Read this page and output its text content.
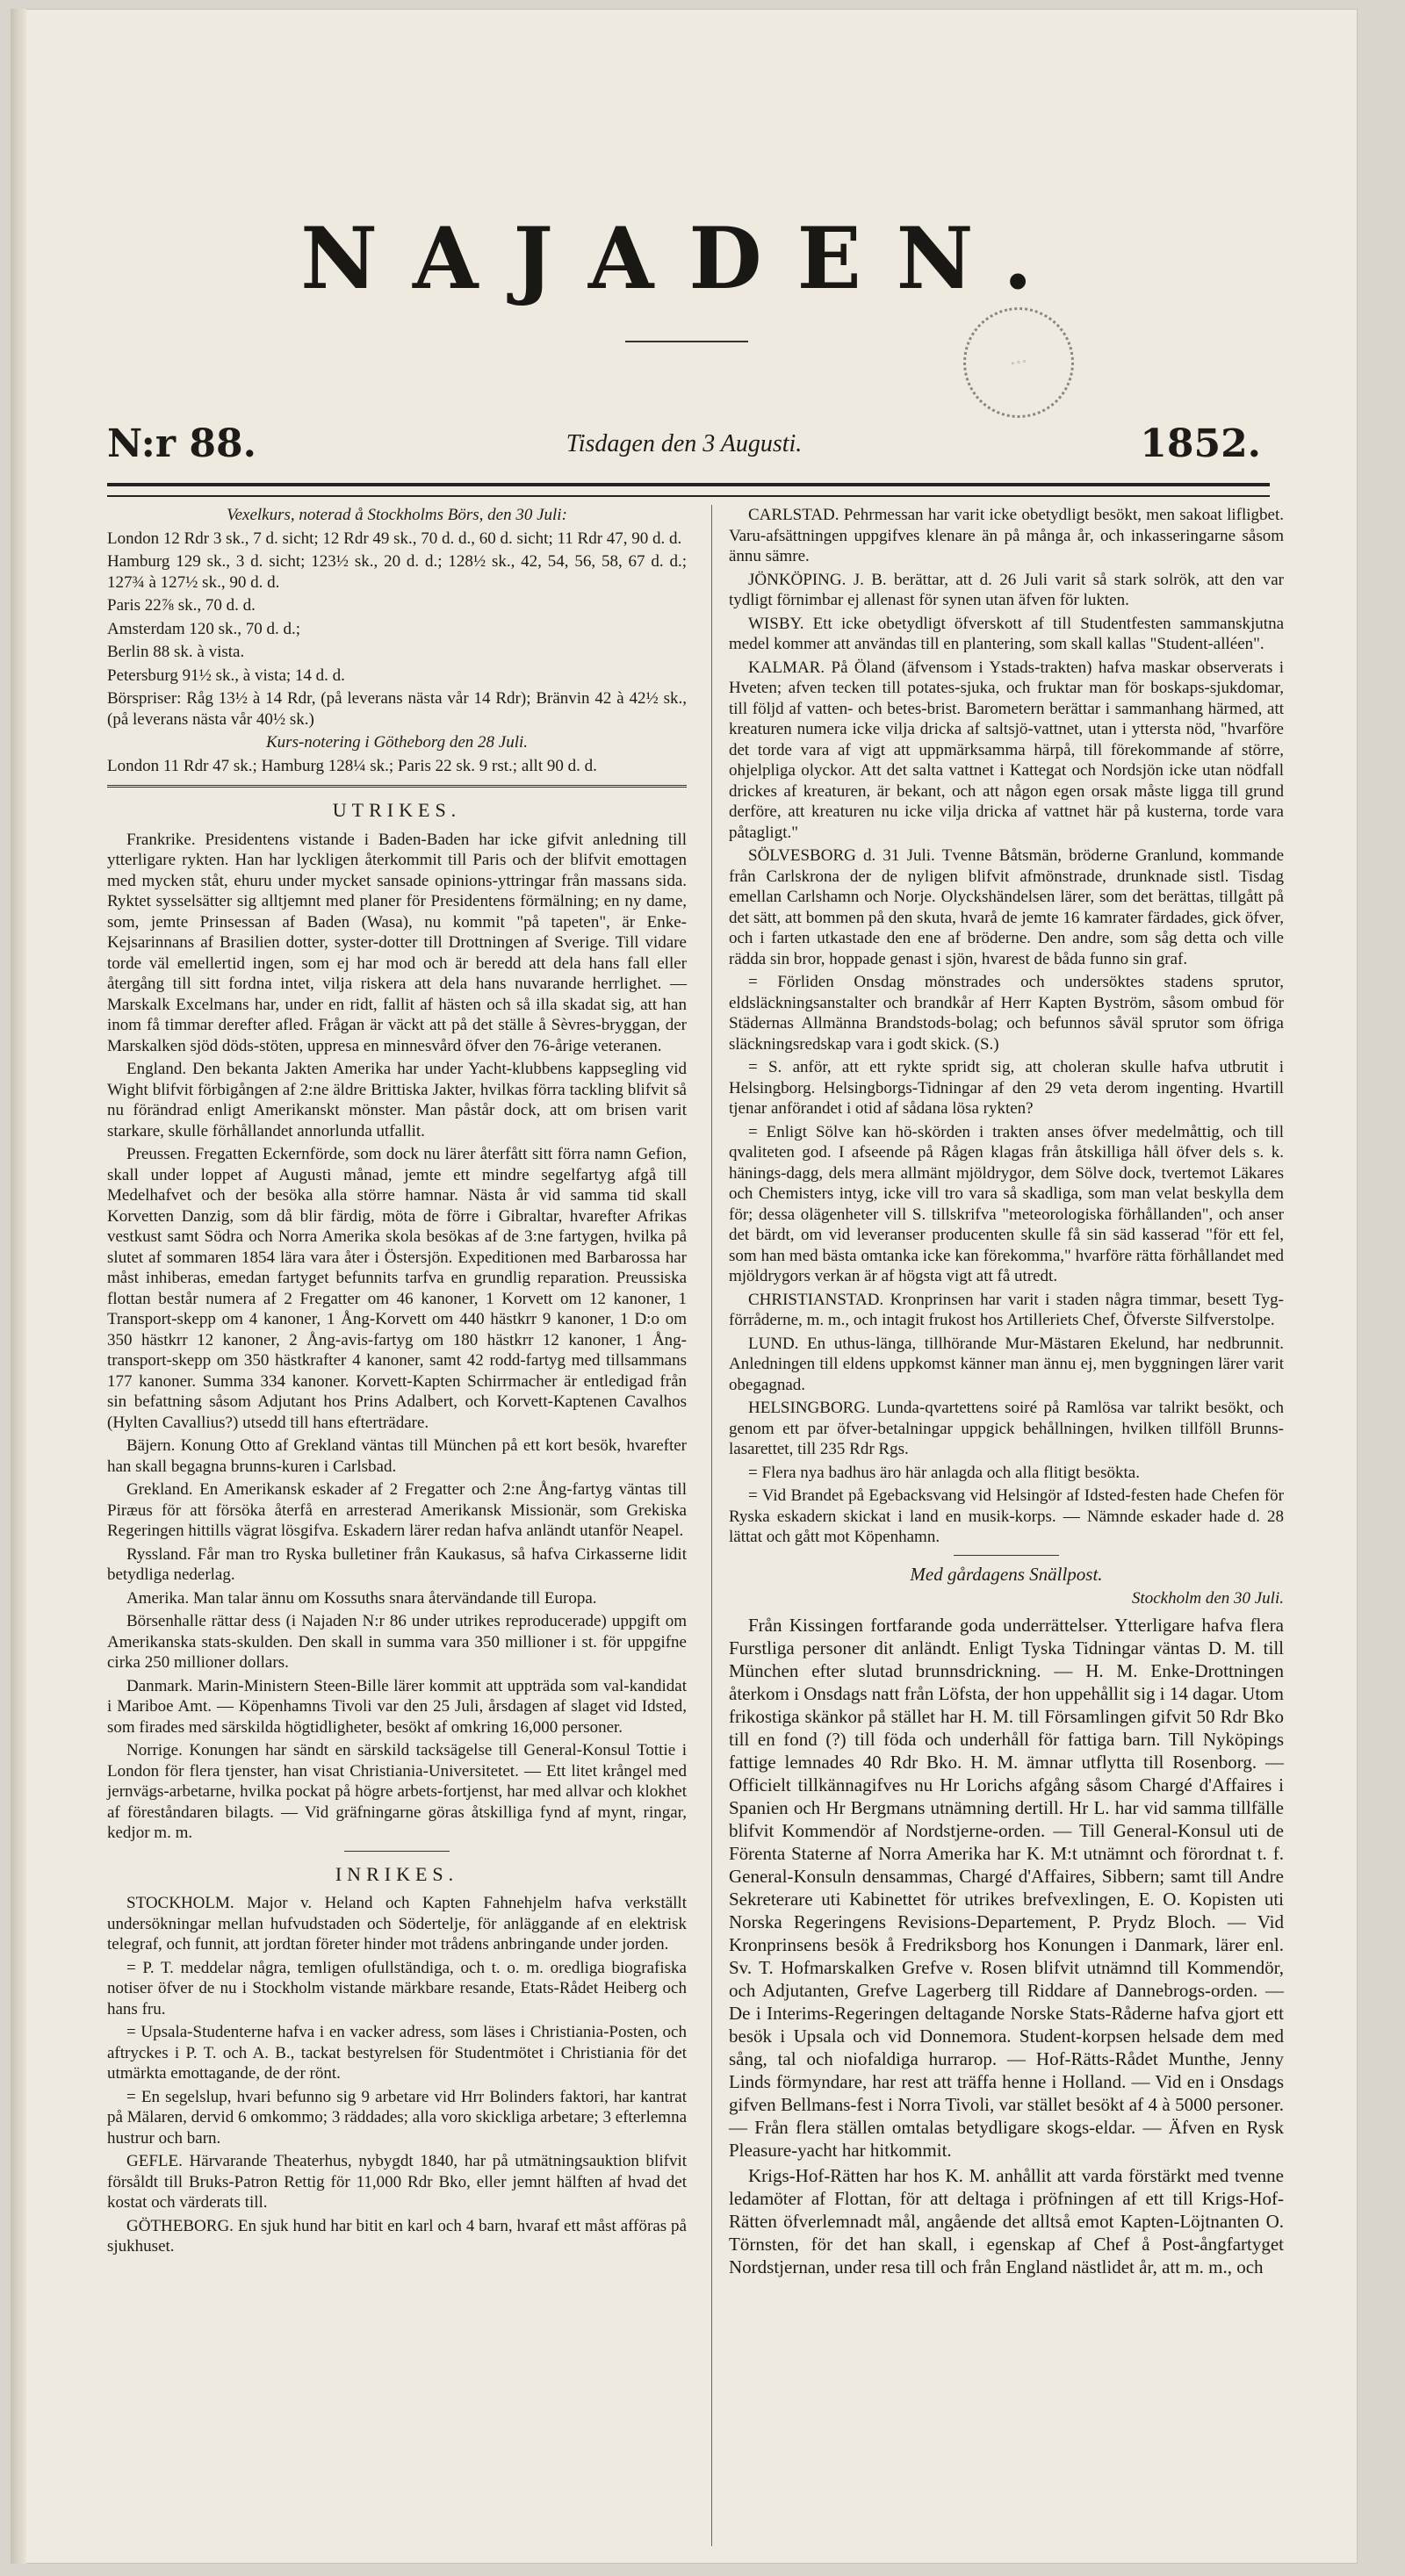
NAJADEN.
◦ ◦ ◦
N:r 88.	Tisdagen den 3 Augusti.	1852.

Vexelkurs, noterad å Stockholms Börs, den 30 Juli:

London 12 Rdr 3 sk., 7 d. sicht; 12 Rdr 49 sk., 70 d. d., 60 d. sicht; 11 Rdr 47, 90 d. d.

Hamburg 129 sk., 3 d. sicht; 123½ sk., 20 d. d.; 128½ sk., 42, 54, 56, 58, 67 d. d.; 127¾ à 127½ sk., 90 d. d.

Paris 22⅞ sk., 70 d. d.

Amsterdam 120 sk., 70 d. d.;

Berlin 88 sk. à vista.

Petersburg 91½ sk., à vista; 14 d. d.

Börspriser: Råg 13½ à 14 Rdr, (på leverans nästa vår 14 Rdr); Bränvin 42 à 42½ sk., (på leverans nästa vår 40½ sk.)

Kurs-notering i Götheborg den 28 Juli.

London 11 Rdr 47 sk.; Hamburg 128¼ sk.; Paris 22 sk. 9 rst.; allt 90 d. d.

UTRIKES.

Frankrike. Presidentens vistande i Baden-Baden har icke gifvit anledning till ytterligare rykten. Han har lyckligen återkommit till Paris och der blifvit emottagen med mycken ståt, ehuru under mycket sansade opinions-yttringar från massans sida. Ryktet sysselsätter sig alltjemnt med planer för Presidentens förmälning; en ny dame, som, jemte Prinsessan af Baden (Wasa), nu kommit "på tapeten", är Enke-Kejsarinnans af Brasilien dotter, syster-dotter till Drottningen af Sverige. Till vidare torde väl emellertid ingen, som ej har mod och är beredd att dela hans fall eller återgång till sitt fordna intet, vilja riskera att dela hans nuvarande herrlighet. — Marskalk Excelmans har, under en ridt, fallit af hästen och så illa skadat sig, att han inom få timmar derefter afled. Frågan är väckt att på det ställe å Sèvres-bryggan, der Marskalken sjöd döds-stöten, uppresa en minnesvård öfver den 76-årige veteranen.

England. Den bekanta Jakten Amerika har under Yacht-klubbens kappsegling vid Wight blifvit förbigången af 2:ne äldre Brittiska Jakter, hvilkas förra tackling blifvit så nu förändrad enligt Amerikanskt mönster. Man påstår dock, att om brisen varit starkare, skulle förhållandet annorlunda utfallit.

Preussen. Fregatten Eckernförde, som dock nu lärer återfått sitt förra namn Gefion, skall under loppet af Augusti månad, jemte ett mindre segelfartyg afgå till Medelhafvet och der besöka alla större hamnar. Nästa år vid samma tid skall Korvetten Danzig, som då blir färdig, möta de förre i Gibraltar, hvarefter Afrikas vestkust samt Södra och Norra Amerika skola besökas af de 3:ne fartygen, hvilka på slutet af sommaren 1854 lära vara åter i Östersjön. Expeditionen med Barbarossa har måst inhiberas, emedan fartyget befunnits tarfva en grundlig reparation. Preussiska flottan består numera af 2 Fregatter om 46 kanoner, 1 Korvett om 12 kanoner, 1 Transport-skepp om 4 kanoner, 1 Ång-Korvett om 440 hästkrr 9 kanoner, 1 D:o om 350 hästkrr 12 kanoner, 2 Ång-avis-fartyg om 180 hästkrr 12 kanoner, 1 Ång-transport-skepp om 350 hästkrafter 4 kanoner, samt 42 rodd-fartyg med tillsammans 177 kanoner. Summa 334 kanoner. Korvett-Kapten Schirrmacher är entledigad från sin befattning såsom Adjutant hos Prins Adalbert, och Korvett-Kaptenen Cavalhos (Hylten Cavallius?) utsedd till hans efterträdare.

Bäjern. Konung Otto af Grekland väntas till München på ett kort besök, hvarefter han skall begagna brunns-kuren i Carlsbad.

Grekland. En Amerikansk eskader af 2 Fregatter och 2:ne Ång-fartyg väntas till Piræus för att försöka återfå en arresterad Amerikansk Missionär, som Grekiska Regeringen hittills vägrat lösgifva. Eskadern lärer redan hafva anländt utanför Neapel.

Ryssland. Får man tro Ryska bulletiner från Kaukasus, så hafva Cirkasserne lidit betydliga nederlag.

Amerika. Man talar ännu om Kossuths snara återvändande till Europa.

Börsenhalle rättar dess (i Najaden N:r 86 under utrikes reproducerade) uppgift om Amerikanska stats-skulden. Den skall in summa vara 350 millioner i st. för uppgifne cirka 250 millioner dollars.

Danmark. Marin-Ministern Steen-Bille lärer kommit att uppträda som val-kandidat i Mariboe Amt. — Köpenhamns Tivoli var den 25 Juli, årsdagen af slaget vid Idsted, som firades med särskilda högtidligheter, besökt af omkring 16,000 personer.

Norrige. Konungen har sändt en särskild tacksägelse till General-Konsul Tottie i London för flera tjenster, han visat Christiania-Universitetet. — Ett litet krångel med jernvägs-arbetarne, hvilka pockat på högre arbets-fortjenst, har med allvar och klokhet af föreståndaren bilagts. — Vid gräfningarne göras åtskilliga fynd af mynt, ringar, kedjor m. m.

INRIKES.

STOCKHOLM. Major v. Heland och Kapten Fahnehjelm hafva verkställt undersökningar mellan hufvudstaden och Södertelje, för anläggande af en elektrisk telegraf, och funnit, att jordtan företer hinder mot trådens anbringande under jorden.

= P. T. meddelar några, temligen ofullständiga, och t. o. m. oredliga biografiska notiser öfver de nu i Stockholm vistande märkbare resande, Etats-Rådet Heiberg och hans fru.

= Upsala-Studenterne hafva i en vacker adress, som läses i Christiania-Posten, och aftryckes i P. T. och A. B., tackat bestyrelsen för Studentmötet i Christiania för det utmärkta emottagande, de der rönt.

= En segelslup, hvari befunno sig 9 arbetare vid Hrr Bolinders faktori, har kantrat på Mälaren, dervid 6 omkommo; 3 räddades; alla voro skickliga arbetare; 3 efterlemna hustrur och barn.

GEFLE. Härvarande Theaterhus, nybygdt 1840, har på utmätningsauktion blifvit försåldt till Bruks-Patron Rettig för 11,000 Rdr Bko, eller jemnt hälften af hvad det kostat och värderats till.

GÖTHEBORG. En sjuk hund har bitit en karl och 4 barn, hvaraf ett måst afföras på sjukhuset.

CARLSTAD. Pehrmessan har varit icke obetydligt besökt, men sakoat lifligbet. Varu-afsättningen uppgifves klenare än på många år, och inkasseringarne såsom ännu sämre.

JÖNKÖPING. J. B. berättar, att d. 26 Juli varit så stark solrök, att den var tydligt förnimbar ej allenast för synen utan äfven för lukten.

WISBY. Ett icke obetydligt öfverskott af till Studentfesten sammanskjutna medel kommer att användas till en plantering, som skall kallas "Student-alléen".

KALMAR. På Öland (äfvensom i Ystads-trakten) hafva maskar observerats i Hveten; afven tecken till potates-sjuka, och fruktar man för boskaps-sjukdomar, till följd af vatten- och betes-brist. Barometern berättar i sammanhang härmed, att kreaturen numera icke vilja dricka af saltsjö-vattnet, utan i yttersta nöd, "hvarföre det torde vara af vigt att uppmärksamma härpå, till förekommande af större, ohjelpliga olyckor. Att det salta vattnet i Kattegat och Nordsjön icke utan nödfall drickes af kreaturen, är bekant, och att någon egen orsak måste ligga till grund derföre, att kreaturen nu icke vilja dricka af vattnet här på kusterna, torde vara påtagligt."

SÖLVESBORG d. 31 Juli. Tvenne Båtsmän, bröderne Granlund, kommande från Carlskrona der de nyligen blifvit afmönstrade, drunknade sistl. Tisdag emellan Carlshamn och Norje. Olyckshändelsen lärer, som det berättas, tillgått på det sätt, att bommen på den skuta, hvarå de jemte 16 kamrater färdades, gick öfver, och i farten utkastade den ene af bröderne. Den andre, som såg detta och ville rädda sin bror, hoppade genast i sjön, hvarest de båda funno sin graf.

= Förliden Onsdag mönstrades och undersöktes stadens sprutor, eldsläckningsanstalter och brandkår af Herr Kapten Byström, såsom ombud för Städernas Allmänna Brandstods-bolag; och befunnos såväl sprutor som öfriga släckningsredskap vara i godt skick. (S.)

= S. anför, att ett rykte spridt sig, att choleran skulle hafva utbrutit i Helsingborg. Helsingborgs-Tidningar af den 29 veta derom ingenting. Hvartill tjenar anförandet i otid af sådana lösa rykten?

= Enligt Sölve kan hö-skörden i trakten anses öfver medelmåttig, och till qvaliteten god. I afseende på Rågen klagas från åtskilliga håll öfver dels s. k. hänings-dagg, dels mera allmänt mjöldrygor, dem Sölve dock, tvertemot Läkares och Chemisters intyg, icke vill tro vara så skadliga, som man velat beskylla dem för; dessa olägenheter vill S. tillskrifva "meteorologiska förhållanden", och anser det bärdt, om vid leveranser producenten skulle få sin säd kasserad "för ett fel, som han med bästa omtanka icke kan förekomma," hvarföre rätta förhållandet med mjöldrygors verkan är af högsta vigt att få utredt.

CHRISTIANSTAD. Kronprinsen har varit i staden några timmar, besett Tyg-förråderne, m. m., och intagit frukost hos Artilleriets Chef, Öfverste Silfverstolpe.

LUND. En uthus-länga, tillhörande Mur-Mästaren Ekelund, har nedbrunnit. Anledningen till eldens uppkomst känner man ännu ej, men byggningen lärer varit obegagnad.

HELSINGBORG. Lunda-qvartettens soiré på Ramlösa var talrikt besökt, och genom ett par öfver-betalningar uppgick behållningen, hvilken tillföll Brunns-lasarettet, till 235 Rdr Rgs.

= Flera nya badhus äro här anlagda och alla flitigt besökta.

= Vid Brandet på Egebacksvang vid Helsingör af Idsted-festen hade Chefen för Ryska eskadern skickat i land en musik-korps. — Nämnde eskader hade d. 28 lättat och gått mot Köpenhamn.

Med gårdagens Snällpost.

Stockholm den 30 Juli.

Från Kissingen fortfarande goda underrättelser. Ytterligare hafva flera Furstliga personer dit anländt. Enligt Tyska Tidningar väntas D. M. till München efter slutad brunnsdrickning. — H. M. Enke-Drottningen återkom i Onsdags natt från Löfsta, der hon uppehållit sig i 14 dagar. Utom frikostiga skänkor på stället har H. M. till Församlingen gifvit 50 Rdr Bko till en fond (?) till föda och underhåll för fattiga barn. Till Nyköpings fattige lemnades 40 Rdr Bko. H. M. ämnar utflytta till Rosenborg. — Officielt tillkännagifves nu Hr Lorichs afgång såsom Chargé d'Affaires i Spanien och Hr Bergmans utnämning dertill. Hr L. har vid samma tillfälle blifvit Kommendör af Nordstjerne-orden. — Till General-Konsul uti de Förenta Staterne af Norra Amerika har K. M:t utnämnt och förordnat t. f. General-Konsuln densammas, Chargé d'Affaires, Sibbern; samt till Andre Sekreterare uti Kabinettet för utrikes brefvexlingen, E. O. Kopisten uti Norska Regeringens Revisions-Departement, P. Prydz Bloch. — Vid Kronprinsens besök å Fredriksborg hos Konungen i Danmark, lärer enl. Sv. T. Hofmarskalken Grefve v. Rosen blifvit utnämnd till Kommendör, och Adjutanten, Grefve Lagerberg till Riddare af Dannebrogs-orden. — De i Interims-Regeringen deltagande Norske Stats-Råderne hafva gjort ett besök i Upsala och vid Donnemora. Student-korpsen helsade dem med sång, tal och niofaldiga hurrarop. — Hof-Rätts-Rådet Munthe, Jenny Linds förmyndare, har rest att träffa henne i Holland. — Vid en i Onsdags gifven Bellmans-fest i Norra Tivoli, var stället besökt af 4 à 5000 personer. — Från flera ställen omtalas betydligare skogs-eldar. — Äfven en Rysk Pleasure-yacht har hitkommit.

Krigs-Hof-Rätten har hos K. M. anhållit att varda förstärkt med tvenne ledamöter af Flottan, för att deltaga i pröfningen af ett till Krigs-Hof-Rätten öfverlemnadt mål, angående det alltså emot Kapten-Löjtnanten O. Törnsten, för det han skall, i egenskap af Chef å Post-ångfartyget Nordstjernan, under resa till och från England nästlidet år, att m. m., och
